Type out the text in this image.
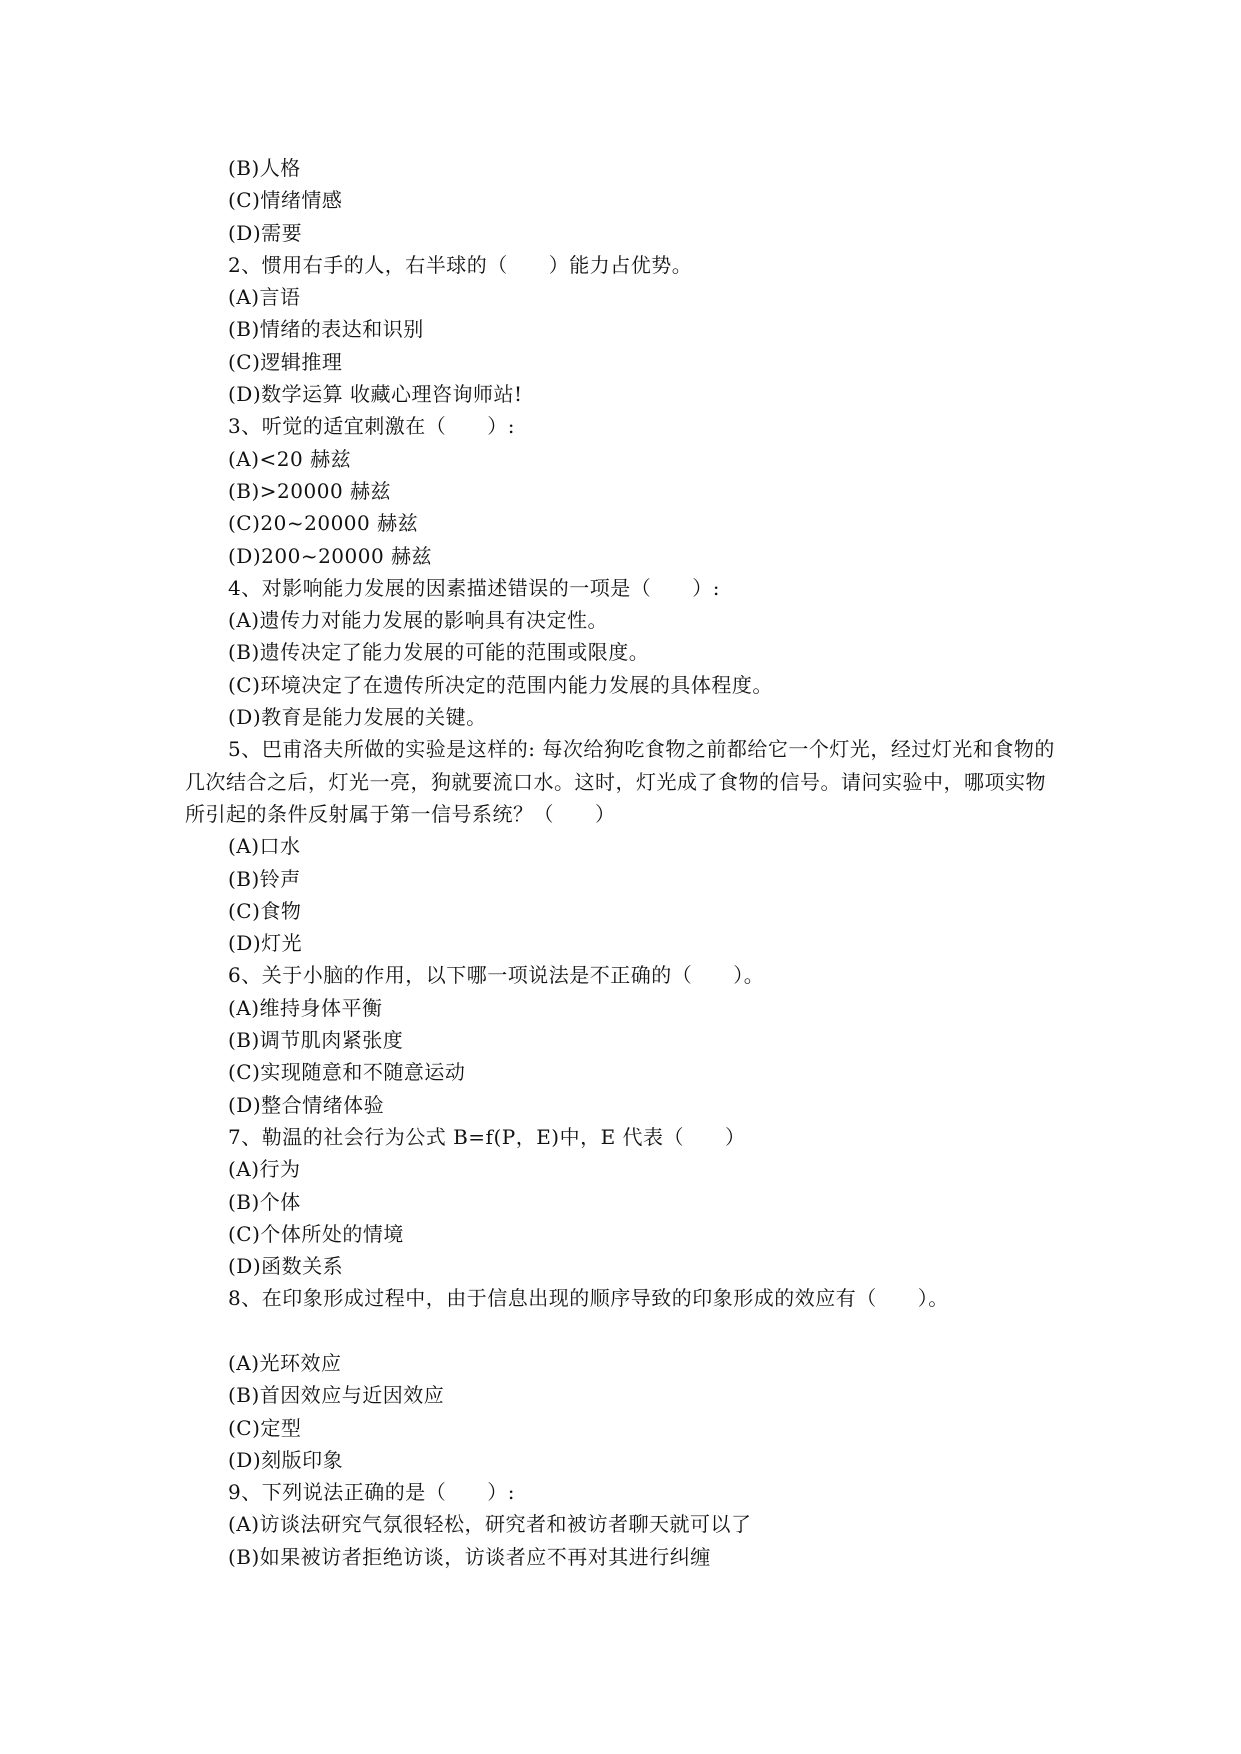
(B)人格
(C)情绪情感
(D)需要
2、惯用右手的人，右半球的（　　）能力占优势。
(A)言语
(B)情绪的表达和识别
(C)逻辑推理
(D)数学运算 收藏心理咨询师站!
3、听觉的适宜刺激在（　　）:
(A)<20 赫兹
(B)>20000 赫兹
(C)20~20000 赫兹
(D)200~20000 赫兹
4、对影响能力发展的因素描述错误的一项是（　　）:
(A)遗传力对能力发展的影响具有决定性。
(B)遗传决定了能力发展的可能的范围或限度。
(C)环境决定了在遗传所决定的范围内能力发展的具体程度。
(D)教育是能力发展的关键。

5、巴甫洛夫所做的实验是这样的: 每次给狗吃食物之前都给它一个灯光，经过灯光和食物的几次结合之后，灯光一亮，狗就要流口水。这时，灯光成了食物的信号。请问实验中，哪项实物所引起的条件反射属于第一信号系统？（　　）

(A)口水
(B)铃声
(C)食物
(D)灯光
6、关于小脑的作用，以下哪一项说法是不正确的（　　）。
(A)维持身体平衡
(B)调节肌肉紧张度
(C)实现随意和不随意运动
(D)整合情绪体验
7、勒温的社会行为公式 B=f(P，E)中，E 代表（　　）
(A)行为
(B)个体
(C)个体所处的情境
(D)函数关系
8、在印象形成过程中，由于信息出现的顺序导致的印象形成的效应有（　　）。
(A)光环效应
(B)首因效应与近因效应
(C)定型
(D)刻版印象
9、下列说法正确的是（　　）:
(A)访谈法研究气氛很轻松，研究者和被访者聊天就可以了
(B)如果被访者拒绝访谈，访谈者应不再对其进行纠缠
